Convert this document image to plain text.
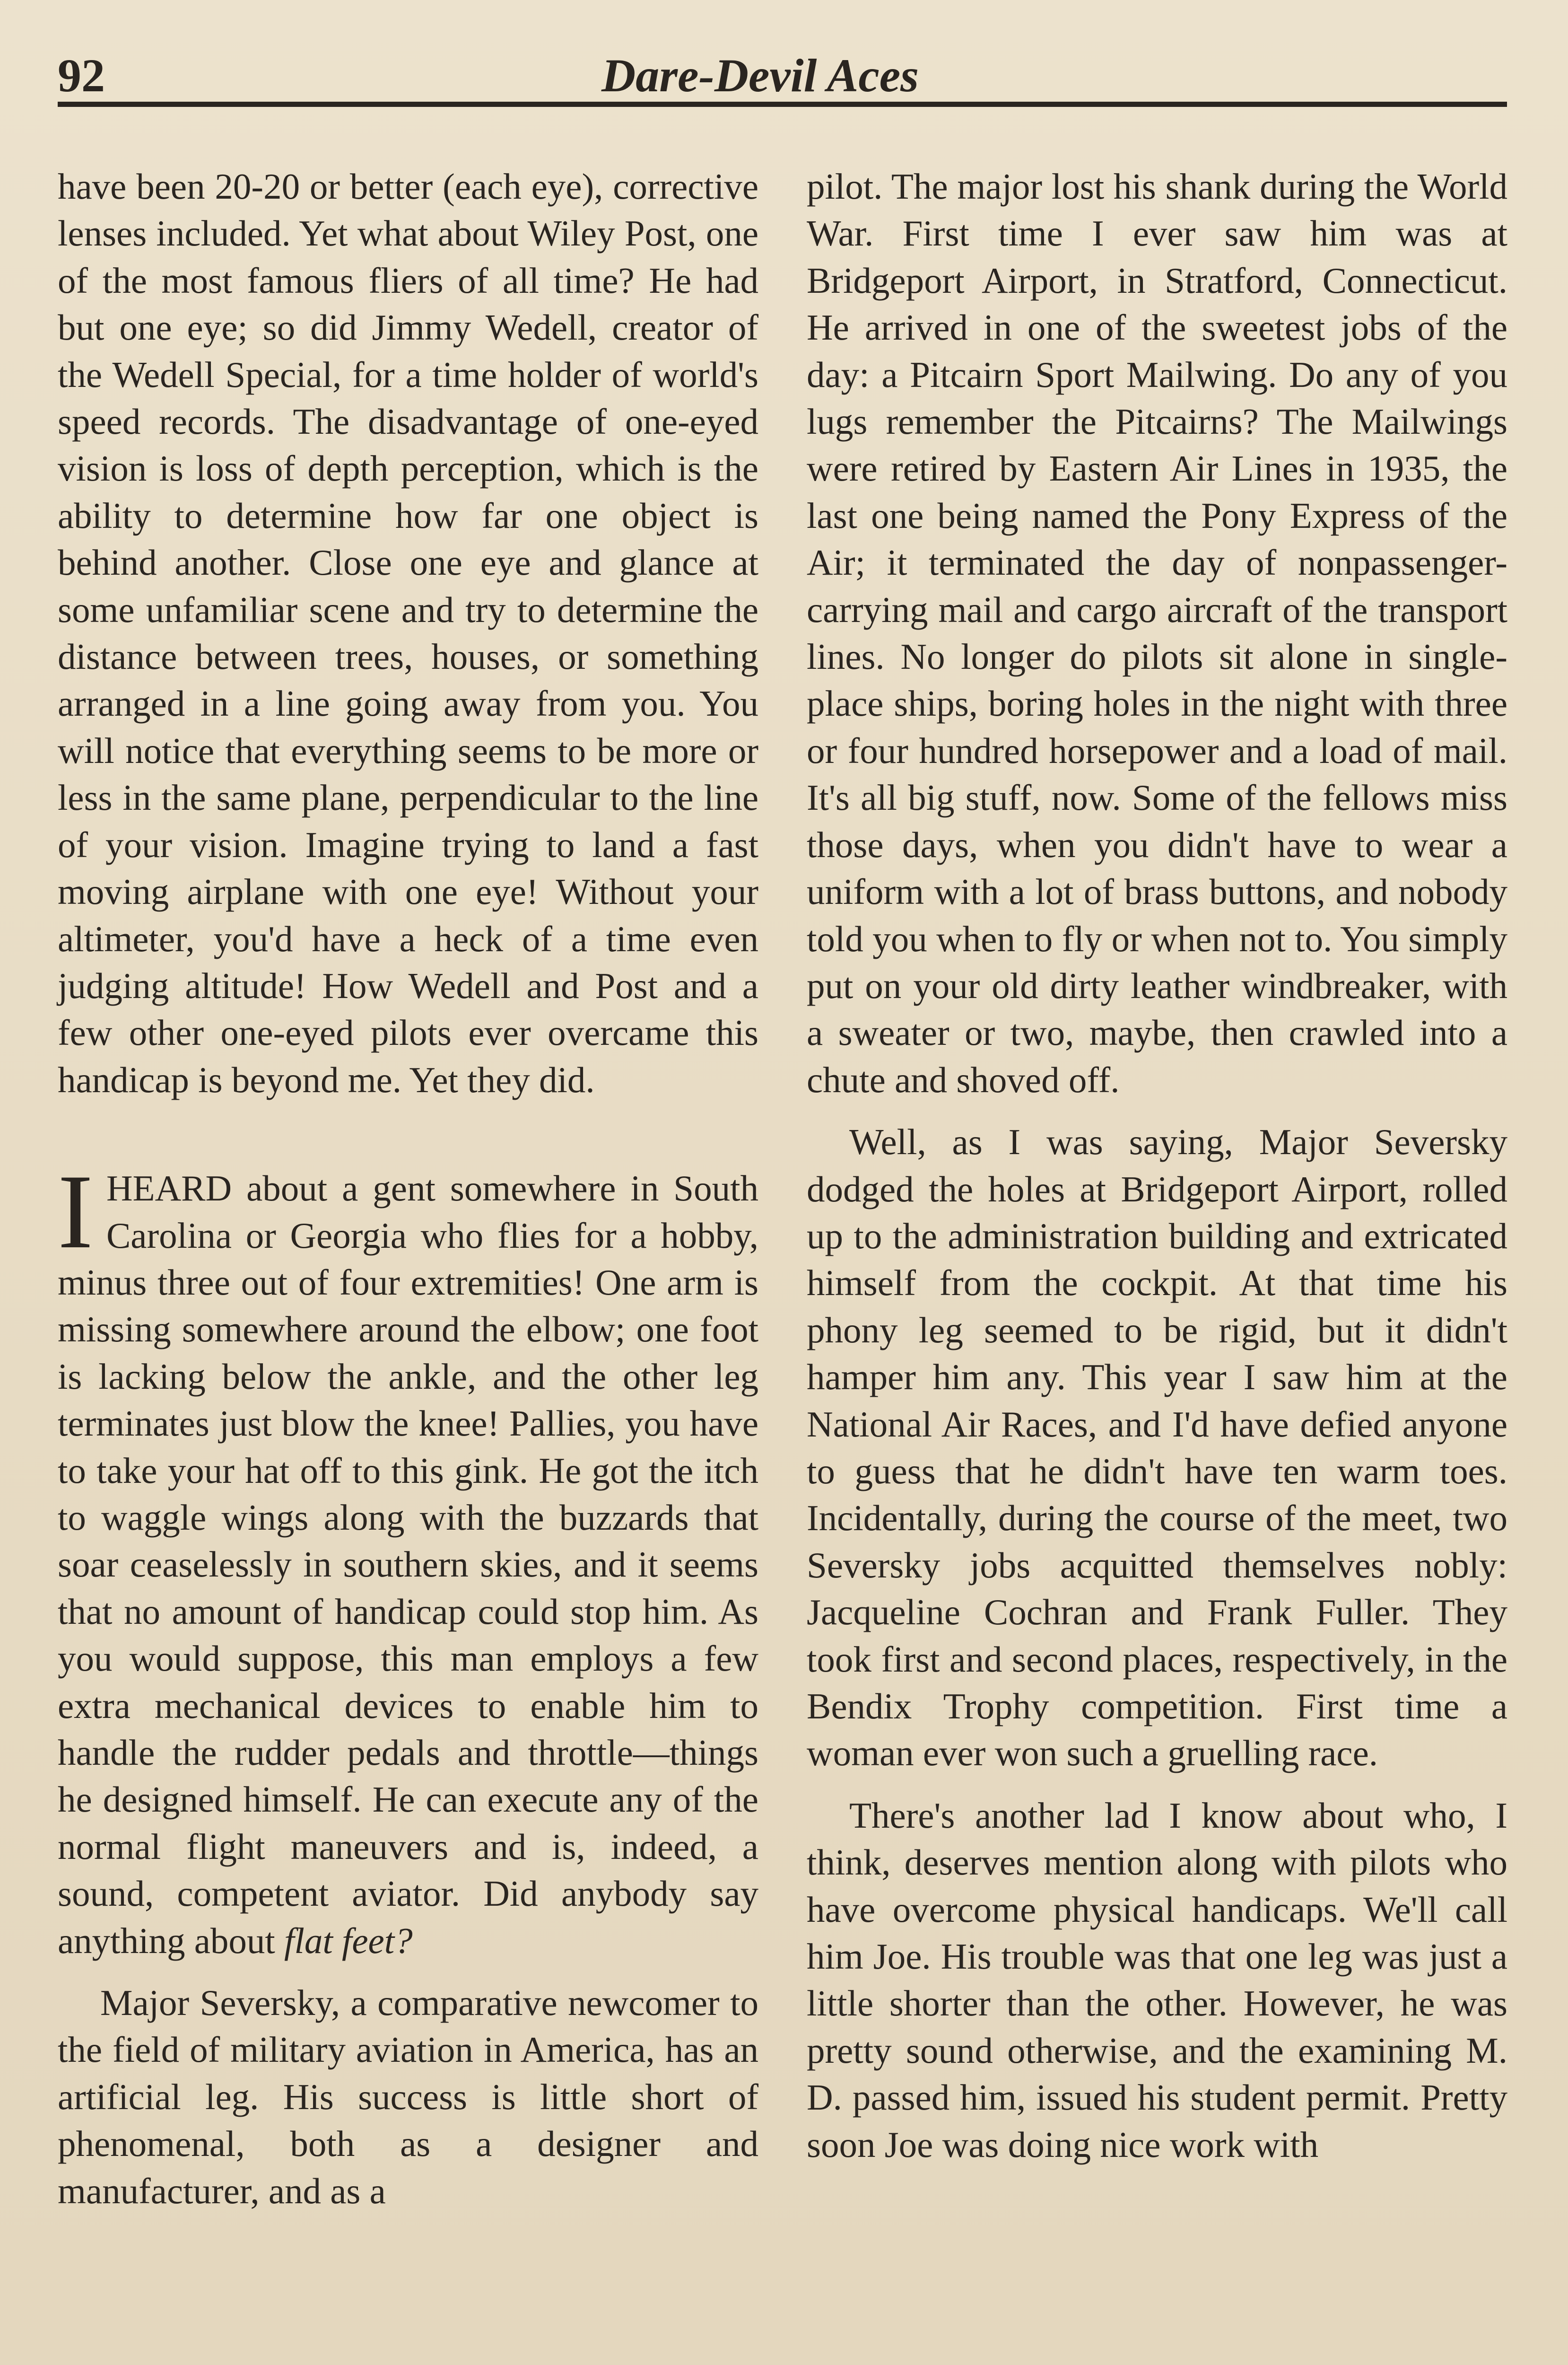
92	Dare-Devil Aces

have been 20-20 or better (each eye), corrective lenses included. Yet what about Wiley Post, one of the most famous fliers of all time? He had but one eye; so did Jimmy Wedell, creator of the Wedell Special, for a time holder of world's speed records. The disadvantage of one-eyed vision is loss of depth perception, which is the ability to determine how far one object is behind another. Close one eye and glance at some unfamiliar scene and try to determine the distance between trees, houses, or something arranged in a line going away from you. You will notice that everything seems to be more or less in the same plane, perpendicular to the line of your vision. Imagine trying to land a fast moving airplane with one eye! Without your altimeter, you'd have a heck of a time even judging altitude! How Wedell and Post and a few other one-eyed pilots ever overcame this handicap is beyond me. Yet they did.

IHEARD about a gent somewhere in South Carolina or Georgia who flies for a hobby, minus three out of four extremities! One arm is missing somewhere around the elbow; one foot is lacking below the ankle, and the other leg terminates just blow the knee! Pallies, you have to take your hat off to this gink. He got the itch to waggle wings along with the buzzards that soar ceaselessly in southern skies, and it seems that no amount of handicap could stop him. As you would suppose, this man employs a few extra mechanical devices to enable him to handle the rudder pedals and throttle—things he designed himself. He can execute any of the normal flight maneuvers and is, indeed, a sound, competent aviator. Did anybody say anything about flat feet?

Major Seversky, a comparative newcomer to the field of military aviation in America, has an artificial leg. His success is little short of phenomenal, both as a designer and manufacturer, and as a

pilot. The major lost his shank during the World War. First time I ever saw him was at Bridgeport Airport, in Stratford, Connecticut. He arrived in one of the sweetest jobs of the day: a Pitcairn Sport Mailwing. Do any of you lugs remember the Pitcairns? The Mailwings were retired by Eastern Air Lines in 1935, the last one being named the Pony Express of the Air; it terminated the day of nonpassenger-carrying mail and cargo aircraft of the transport lines. No longer do pilots sit alone in single-place ships, boring holes in the night with three or four hundred horsepower and a load of mail. It's all big stuff, now. Some of the fellows miss those days, when you didn't have to wear a uniform with a lot of brass buttons, and nobody told you when to fly or when not to. You simply put on your old dirty leather windbreaker, with a sweater or two, maybe, then crawled into a chute and shoved off.

Well, as I was saying, Major Seversky dodged the holes at Bridgeport Airport, rolled up to the administration building and extricated himself from the cockpit. At that time his phony leg seemed to be rigid, but it didn't hamper him any. This year I saw him at the National Air Races, and I'd have defied anyone to guess that he didn't have ten warm toes. Incidentally, during the course of the meet, two Seversky jobs acquitted themselves nobly: Jacqueline Cochran and Frank Fuller. They took first and second places, respectively, in the Bendix Trophy competition. First time a woman ever won such a gruelling race.

There's another lad I know about who, I think, deserves mention along with pilots who have overcome physical handicaps. We'll call him Joe. His trouble was that one leg was just a little shorter than the other. However, he was pretty sound otherwise, and the examining M. D. passed him, issued his student permit. Pretty soon Joe was doing nice work with
